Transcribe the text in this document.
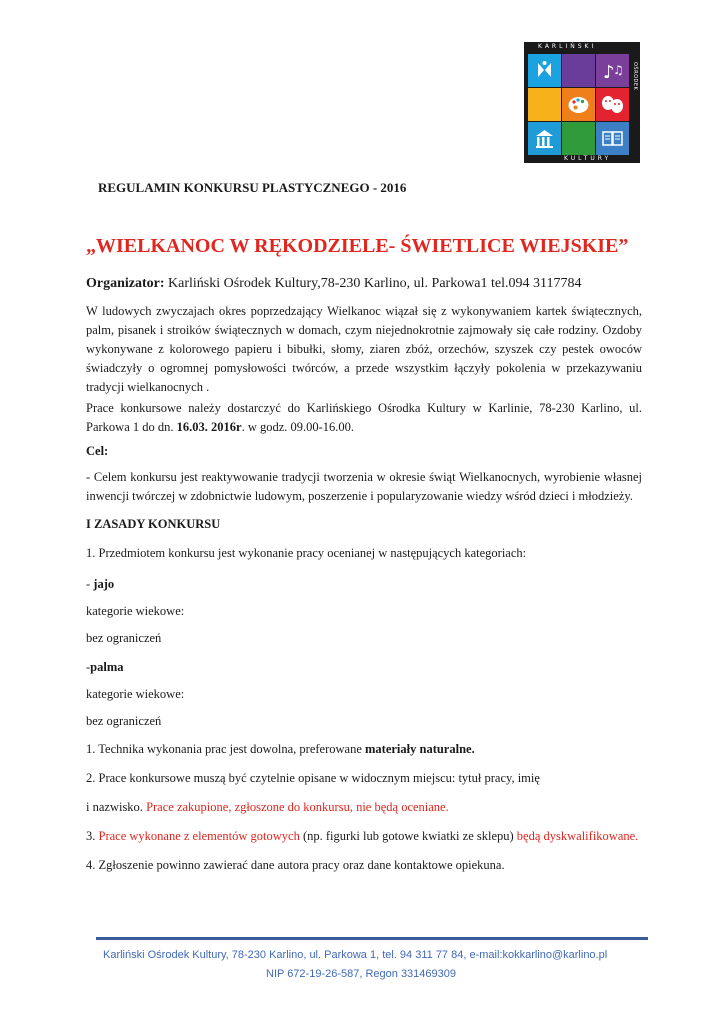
KARLIŃSKI
OŚRODEK
KULTURY
♪
♫
REGULAMIN KONKURSU PLASTYCZNEGO - 2016
„WIELKANOC W RĘKODZIELE- ŚWIETLICE WIEJSKIE”
Organizator: Karliński Ośrodek Kultury,78-230 Karlino, ul. Parkowa1 tel.094 3117784
W ludowych zwyczajach okres poprzedzający Wielkanoc wiązał się z wykonywaniem kartek świątecznych, palm, pisanek i stroików świątecznych w domach, czym niejednokrotnie zajmowały się całe rodziny. Ozdoby wykonywane z kolorowego papieru i bibułki, słomy, ziaren zbóż, orzechów, szyszek czy pestek owoców świadczyły o ogromnej pomysłowości twórców, a przede wszystkim łączyły pokolenia w przekazywaniu tradycji wielkanocnych .
Prace konkursowe należy dostarczyć do Karlińskiego Ośrodka Kultury w Karlinie, 78-230 Karlino, ul. Parkowa 1 do dn. 16.03. 2016r. w godz. 09.00-16.00.
Cel:
- Celem konkursu jest reaktywowanie tradycji tworzenia w okresie świąt Wielkanocnych, wyrobienie własnej inwencji twórczej w zdobnictwie ludowym, poszerzenie i popularyzowanie wiedzy wśród dzieci i młodzieży.
I ZASADY KONKURSU
1. Przedmiotem konkursu jest wykonanie pracy ocenianej w następujących kategoriach:
- jajo
kategorie wiekowe:
bez ograniczeń
-palma
kategorie wiekowe:
bez ograniczeń
1. Technika wykonania prac jest dowolna, preferowane materiały naturalne.
2. Prace konkursowe muszą być czytelnie opisane w widocznym miejscu: tytuł pracy, imię
i nazwisko. Prace zakupione, zgłoszone do konkursu, nie będą oceniane.
3. Prace wykonane z elementów gotowych (np. figurki lub gotowe kwiatki ze sklepu) będą dyskwalifikowane.
4. Zgłoszenie powinno zawierać dane autora pracy oraz dane kontaktowe opiekuna.
Karliński Ośrodek Kultury, 78-230 Karlino, ul. Parkowa 1, tel. 94 311 77 84, e-mail:kokkarlino@karlino.pl
NIP 672-19-26-587, Regon 331469309
